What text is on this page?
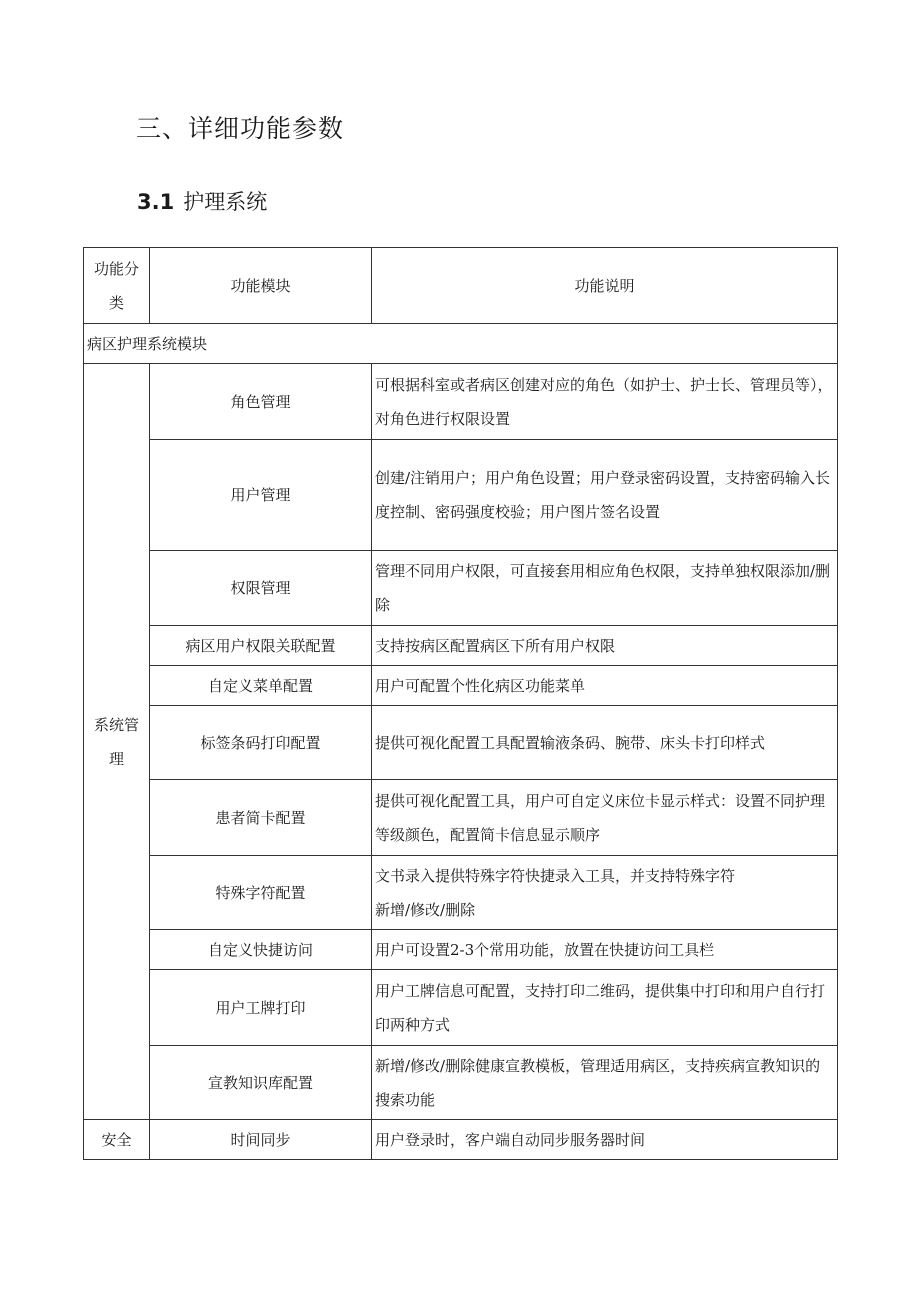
三、详细功能参数
3.1 护理系统
功能分类	功能模块	功能说明
病区护理系统模块		
系统管理	角色管理	可根据科室或者病区创建对应的角色（如护士、护士长、管理员等），对角色进行权限设置
	用户管理	创建/注销用户；用户角色设置；用户登录密码设置，支持密码输入长度控制、密码强度校验；用户图片签名设置
	权限管理	管理不同用户权限，可直接套用相应角色权限，支持单独权限添加/删除
	病区用户权限关联配置	支持按病区配置病区下所有用户权限
	自定义菜单配置	用户可配置个性化病区功能菜单
	标签条码打印配置	提供可视化配置工具配置输液条码、腕带、床头卡打印样式
	患者简卡配置	提供可视化配置工具，用户可自定义床位卡显示样式：设置不同护理等级颜色，配置简卡信息显示顺序
	特殊字符配置	文书录入提供特殊字符快捷录入工具，并支持特殊字符
新增/修改/删除

	自定义快捷访问	用户可设置2-3个常用功能，放置在快捷访问工具栏
	用户工牌打印	用户工牌信息可配置，支持打印二维码，提供集中打印和用户自行打印两种方式
	宣教知识库配置	新增/修改/删除健康宣教模板，管理适用病区，支持疾病宣教知识的搜索功能
安全	时间同步	用户登录时，客户端自动同步服务器时间
